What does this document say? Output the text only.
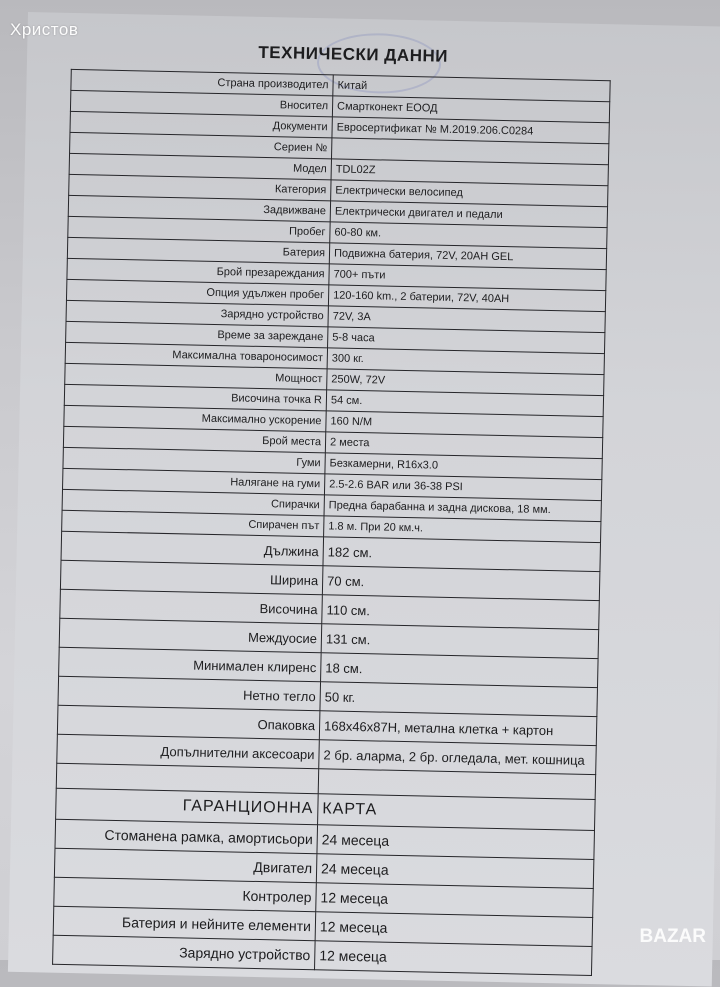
ТЕХНИЧЕСКИ ДАННИ
Страна производител	Китай
Вносител	Смартконект ЕООД
Документи	Евросертификат № М.2019.206.С0284
Сериен №	
Модел	TDL02Z
Категория	Електрически велосипед
Задвижване	Електрически двигател и педали
Пробег	60-80 км.
Батерия	Подвижна батерия, 72V, 20AH GEL
Брой презареждания	700+ пъти
Опция удължен пробег	120-160 km., 2 батерии, 72V, 40AH
Зарядно устройство	72V, 3A
Време за зареждане	5-8 часа
Максимална товароносимост	300 кг.
Мощност	250W, 72V
Височина точка R	54 см.
Максимално ускорение	160 N/M
Брой места	2 места
Гуми	Безкамерни, R16x3.0
Налягане на гуми	2.5-2.6 BAR или 36-38 PSI
Спирачки	Предна барабанна и задна дискова, 18 мм.
Спирачен път	1.8 м. При 20 км.ч.
Дължина	182 см.
Ширина	70 см.
Височина	110 см.
Междуосие	131 см.
Минимален клиренс	18 см.
Нетно тегло	50 кг.
Опаковка	168x46x87H, метална клетка + картон
Допълнителни аксесоари	2 бр. аларма, 2 бр. огледала, мет. кошница

ГАРАНЦИОННА	КАРТА
Стоманена рамка, амортисьори	24 месеца
Двигател	24 месеца
Контролер	12 месеца
Батерия и нейните елементи	12 месеца
Зарядно устройство	12 месеца
Христов
BAZAR
